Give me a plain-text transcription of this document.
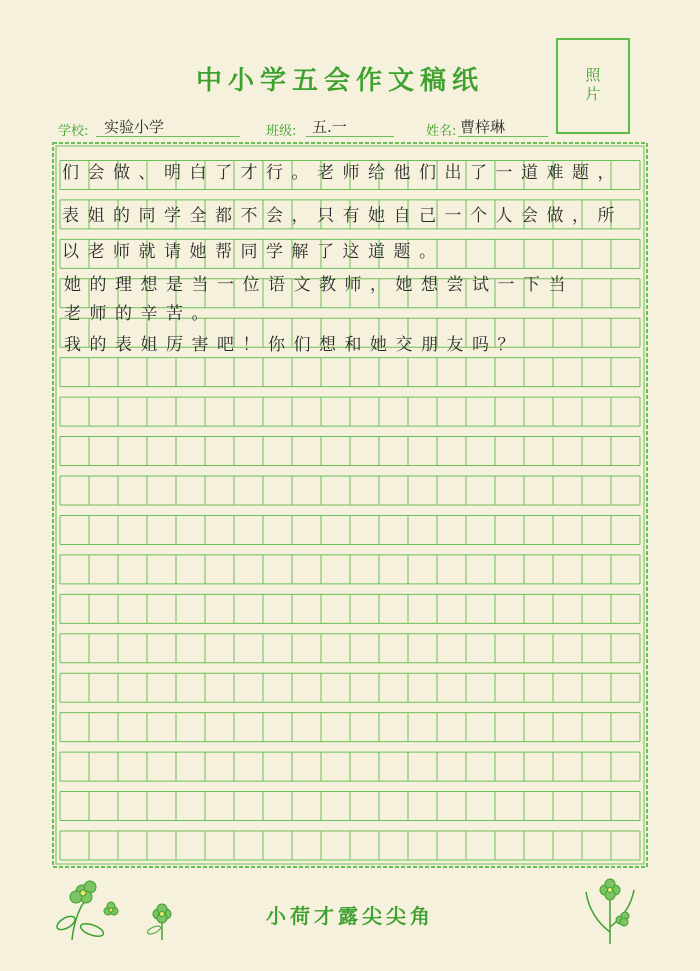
中小学五会作文稿纸	照片
学校: 实验小学	班级: 五.一	姓名: 曹梓琳
们会做、明白了才行。老师给他们出了一道难题，
表姐的同学全都不会，只有她自己一个人会做，所
以老师就请她帮同学解了这道题。
她的理想是当一位语文教师，她想尝试一下当
老师的辛苦。
我的表姐厉害吧！你们想和她交朋友吗？
小荷才露尖尖角
